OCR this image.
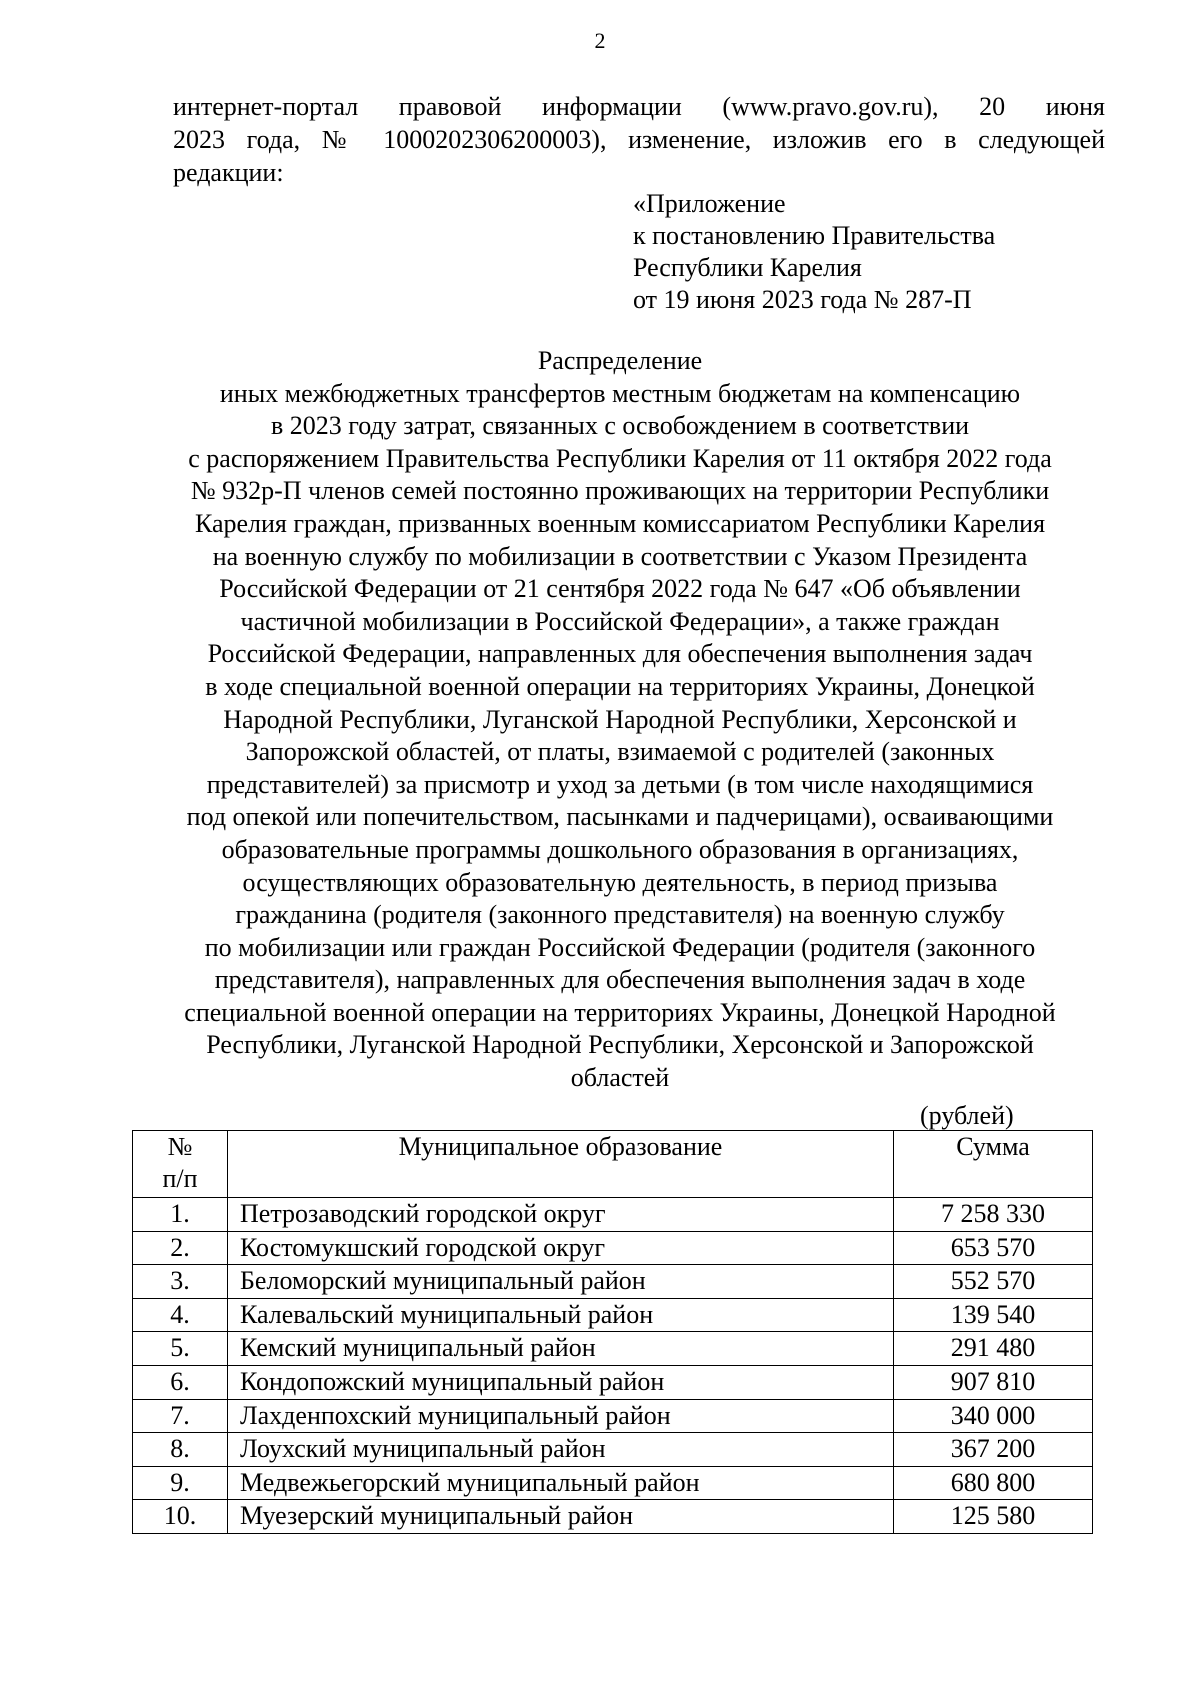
2
интернет-портал правовой информации (www.pravo.gov.ru), 20 июня
2023 года, № 1000202306200003), изменение, изложив его в следующей
редакции:
«Приложение
к постановлению Правительства
Республики Карелия
от 19 июня 2023 года № 287-П
Распределение
иных межбюджетных трансфертов местным бюджетам на компенсацию
в 2023 году затрат, связанных с освобождением в соответствии
с распоряжением Правительства Республики Карелия от 11 октября 2022 года
№ 932р-П членов семей постоянно проживающих на территории Республики
Карелия граждан, призванных военным комиссариатом Республики Карелия
на военную службу по мобилизации в соответствии с Указом Президента
Российской Федерации от 21 сентября 2022 года № 647 «Об объявлении
частичной мобилизации в Российской Федерации», а также граждан
Российской Федерации, направленных для обеспечения выполнения задач
в ходе специальной военной операции на территориях Украины, Донецкой
Народной Республики, Луганской Народной Республики, Херсонской и
Запорожской областей, от платы, взимаемой с родителей (законных
представителей) за присмотр и уход за детьми (в том числе находящимися
под опекой или попечительством, пасынками и падчерицами), осваивающими
образовательные программы дошкольного образования в организациях,
осуществляющих образовательную деятельность, в период призыва
гражданина (родителя (законного представителя) на военную службу
по мобилизации или граждан Российской Федерации (родителя (законного
представителя), направленных для обеспечения выполнения задач в ходе
специальной военной операции на территориях Украины, Донецкой Народной
Республики, Луганской Народной Республики, Херсонской и Запорожской
областей
(рублей)
№
п/п	Муниципальное образование	Сумма
1.	Петрозаводский городской округ	7 258 330
2.	Костомукшский городской округ	653 570
3.	Беломорский муниципальный район	552 570
4.	Калевальский муниципальный район	139 540
5.	Кемский муниципальный район	291 480
6.	Кондопожский муниципальный район	907 810
7.	Лахденпохский муниципальный район	340 000
8.	Лоухский муниципальный район	367 200
9.	Медвежьегорский муниципальный район	680 800
10.	Муезерский муниципальный район	125 580
